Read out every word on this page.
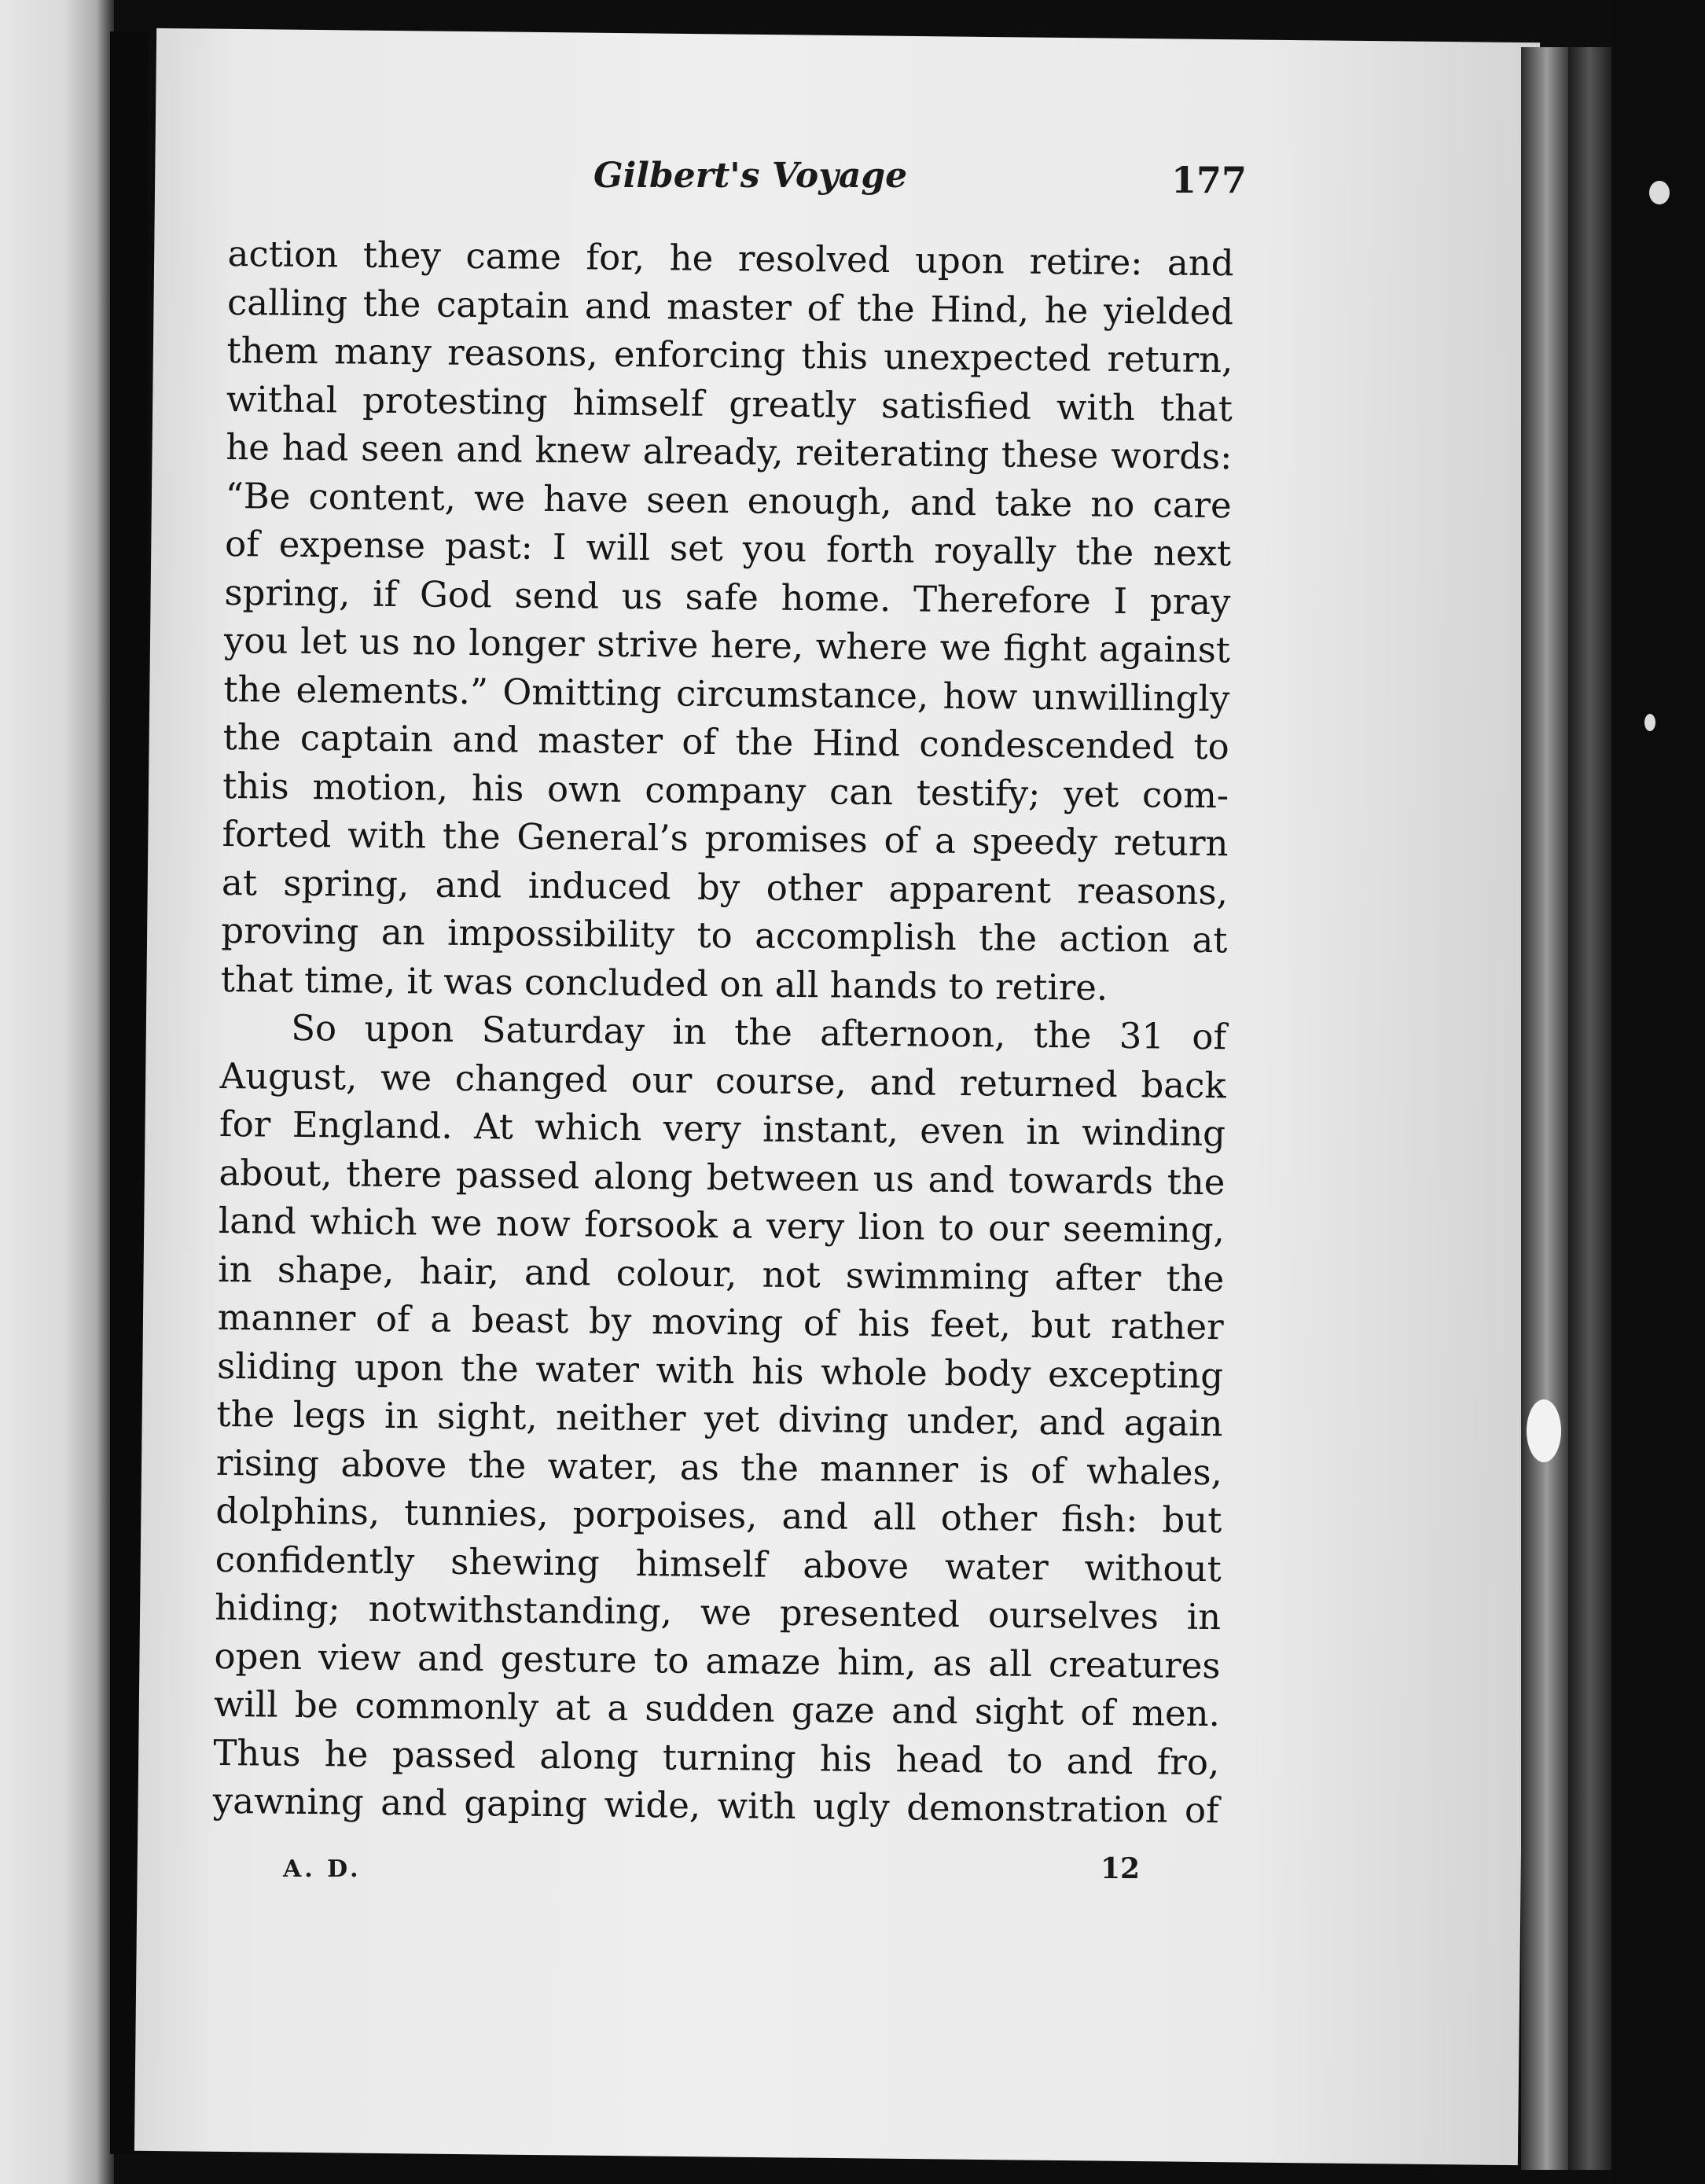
Gilbert's Voyage	177
action they came for, he resolved upon retire: and
calling the captain and master of the Hind, he yielded
them many reasons, enforcing this unexpected return,
withal protesting himself greatly satisfied with that
he had seen and knew already, reiterating these words:
“Be content, we have seen enough, and take no care
of expense past: I will set you forth royally the next
spring, if God send us safe home. Therefore I pray
you let us no longer strive here, where we fight against
the elements.” Omitting circumstance, how unwillingly
the captain and master of the Hind condescended to
this motion, his own company can testify; yet com-
forted with the General’s promises of a speedy return
at spring, and induced by other apparent reasons,
proving an impossibility to accomplish the action at
that time, it was concluded on all hands to retire.
So upon Saturday in the afternoon, the 31 of
August, we changed our course, and returned back
for England. At which very instant, even in winding
about, there passed along between us and towards the
land which we now forsook a very lion to our seeming,
in shape, hair, and colour, not swimming after the
manner of a beast by moving of his feet, but rather
sliding upon the water with his whole body excepting
the legs in sight, neither yet diving under, and again
rising above the water, as the manner is of whales,
dolphins, tunnies, porpoises, and all other fish: but
confidently shewing himself above water without
hiding; notwithstanding, we presented ourselves in
open view and gesture to amaze him, as all creatures
will be commonly at a sudden gaze and sight of men.
Thus he passed along turning his head to and fro,
yawning and gaping wide, with ugly demonstration of
A. D.	12
